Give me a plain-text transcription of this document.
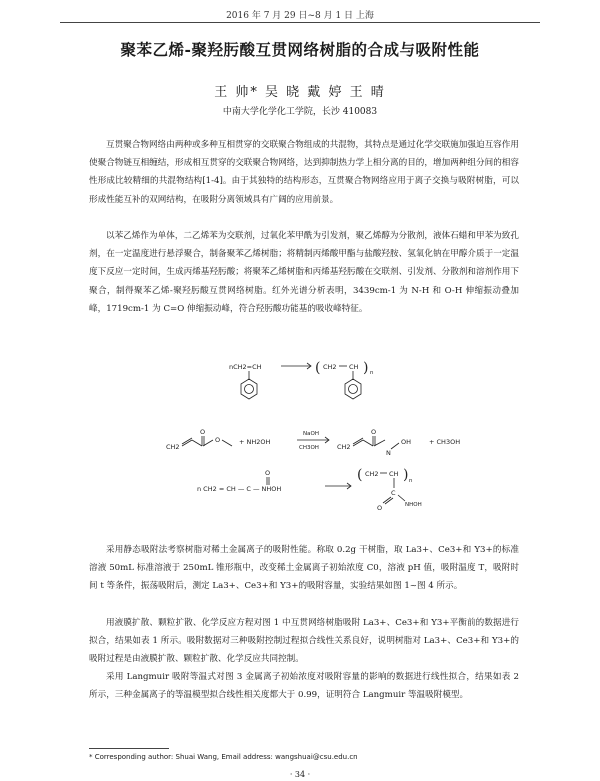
2016 年 7 月 29 日~8 月 1 日 上海
聚苯乙烯-聚羟肟酸互贯网络树脂的合成与吸附性能
王 帅* 吴 晓 戴 婷 王 晴
中南大学化学化工学院，长沙 410083

互贯聚合物网络由两种或多种互相贯穿的交联聚合物组成的共混物，其特点是通过化学交联施加强迫互容作用使聚合物链互相缠结，形成相互贯穿的交联聚合物网络，达到抑制热力学上相分离的目的，增加两种组分间的相容性形成比较精细的共混物结构[1-4]。由于其独特的结构形态，互贯聚合物网络应用于离子交换与吸附树脂，可以形成性能互补的双网结构，在吸附分离领域具有广阔的应用前景。

以苯乙烯作为单体，二乙烯苯为交联剂，过氧化苯甲酰为引发剂，聚乙烯醇为分散剂，液体石蜡和甲苯为致孔剂，在一定温度进行悬浮聚合，制备聚苯乙烯树脂；将精制丙烯酸甲酯与盐酸羟胺、氢氧化钠在甲醇介质于一定温度下反应一定时间，生成丙烯基羟肟酸；将聚苯乙烯树脂和丙烯基羟肟酸在交联剂、引发剂、分散剂和溶剂作用下聚合，制得聚苯乙烯-聚羟肟酸互贯网络树脂。红外光谱分析表明，3439cm-1 为 N-H 和 O-H 伸缩振动叠加峰，1719cm-1 为 C=O 伸缩振动峰，符合羟肟酸功能基的吸收峰特征。

nCH2=CH	( CH2 CH ) n
CH2
O
O	+ NH2OH
NaOH
CH3OH	CH2
O
N
OH	+ CH3OH
n CH2 = CH — C — NHOH
O	( CH2 CH ) n
C
O	NHOH

采用静态吸附法考察树脂对稀土金属离子的吸附性能。称取 0.2g 干树脂，取 La3+、Ce3+和 Y3+的标准溶液 50mL 标准溶液于 250mL 锥形瓶中，改变稀土金属离子初始浓度 C0，溶液 pH 值，吸附温度 T，吸附时间 t 等条件，振荡吸附后，测定 La3+、Ce3+和 Y3+的吸附容量，实验结果如图 1~图 4 所示。

用液膜扩散、颗粒扩散、化学反应方程对图 1 中互贯网络树脂吸附 La3+、Ce3+和 Y3+平衡前的数据进行拟合，结果如表 1 所示。吸附数据对三种吸附控制过程拟合线性关系良好，说明树脂对 La3+、Ce3+和 Y3+的吸附过程是由液膜扩散、颗粒扩散、化学反应共同控制。

采用 Langmuir 吸附等温式对图 3 金属离子初始浓度对吸附容量的影响的数据进行线性拟合，结果如表 2 所示，三种金属离子的等温模型拟合线性相关度都大于 0.99，证明符合 Langmuir 等温吸附模型。

* Corresponding author: Shuai Wang, Email address: wangshuai@csu.edu.cn
· 34 ·
